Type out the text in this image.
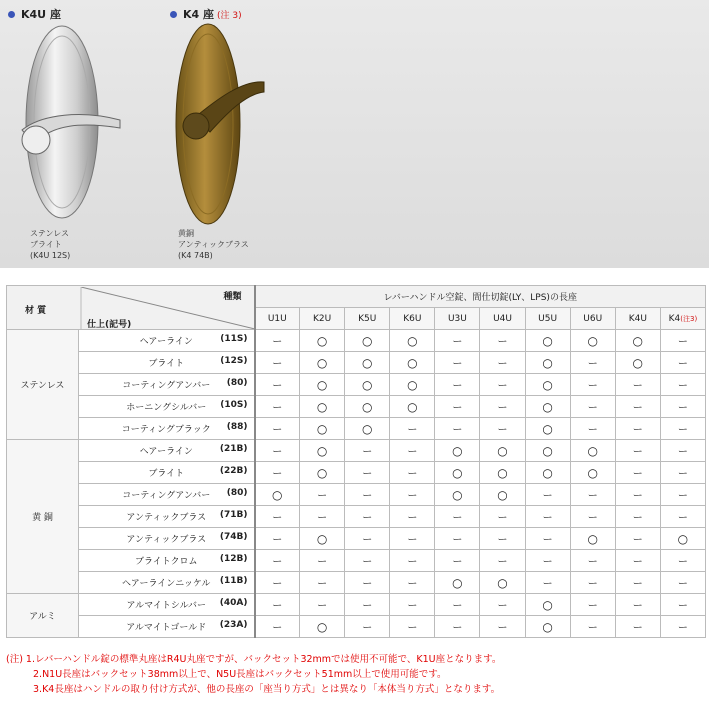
K4U 座	K4 座 (注 3)
ステンレス
ブライト
(K4U 12S)
黄銅
アンティックブラス
(K4 74B)
種類
材 質
仕上(記号)		レバーハンドル空錠、間仕切錠(LY、LPS)の長座									
		U1U	K2U	K5U	K6U	U3U	U4U	U5U	U6U	K4U	K4(注3)
ステンレス	ヘアーライン (11S)	ー	○	○	○	ー	ー	○	○	○	ー
	ブライト (12S)	ー	○	○	○	ー	ー	○	ー	○	ー
	コーティングアンバー (80)	ー	○	○	○	ー	ー	○	ー	ー	ー
	ホーニングシルバー (10S)	ー	○	○	○	ー	ー	○	ー	ー	ー
	コーティングブラック (88)	ー	○	○	ー	ー	ー	○	ー	ー	ー
黄 銅	ヘアーライン (21B)	ー	○	ー	ー	○	○	○	○	ー	ー
	ブライト (22B)	ー	○	ー	ー	○	○	○	○	ー	ー
	コーティングアンバー (80)	○	ー	ー	ー	○	○	ー	ー	ー	ー
	アンティックブラス (71B)	ー	ー	ー	ー	ー	ー	ー	ー	ー	ー
	アンティックブラス (74B)	ー	○	ー	ー	ー	ー	ー	○	ー	○
	ブライトクロム (12B)	ー	ー	ー	ー	ー	ー	ー	ー	ー	ー
	ヘアーラインニッケル (11B)	ー	ー	ー	ー	○	○	ー	ー	ー	ー
アルミ	アルマイトシルバー (40A)	ー	ー	ー	ー	ー	ー	○	ー	ー	ー
	アルマイトゴールド (23A)	ー	○	ー	ー	ー	ー	○	ー	ー	ー
(注) 1.レバーハンドル錠の標準丸座はR4U丸座ですが、バックセット32mmでは使用不可能で、K1U座となります。
2.N1U長座はバックセット38mm以上で、N5U長座はバックセット51mm以上で使用可能です。
3.K4長座はハンドルの取り付け方式が、他の長座の「座当り方式」とは異なり「本体当り方式」となります。
